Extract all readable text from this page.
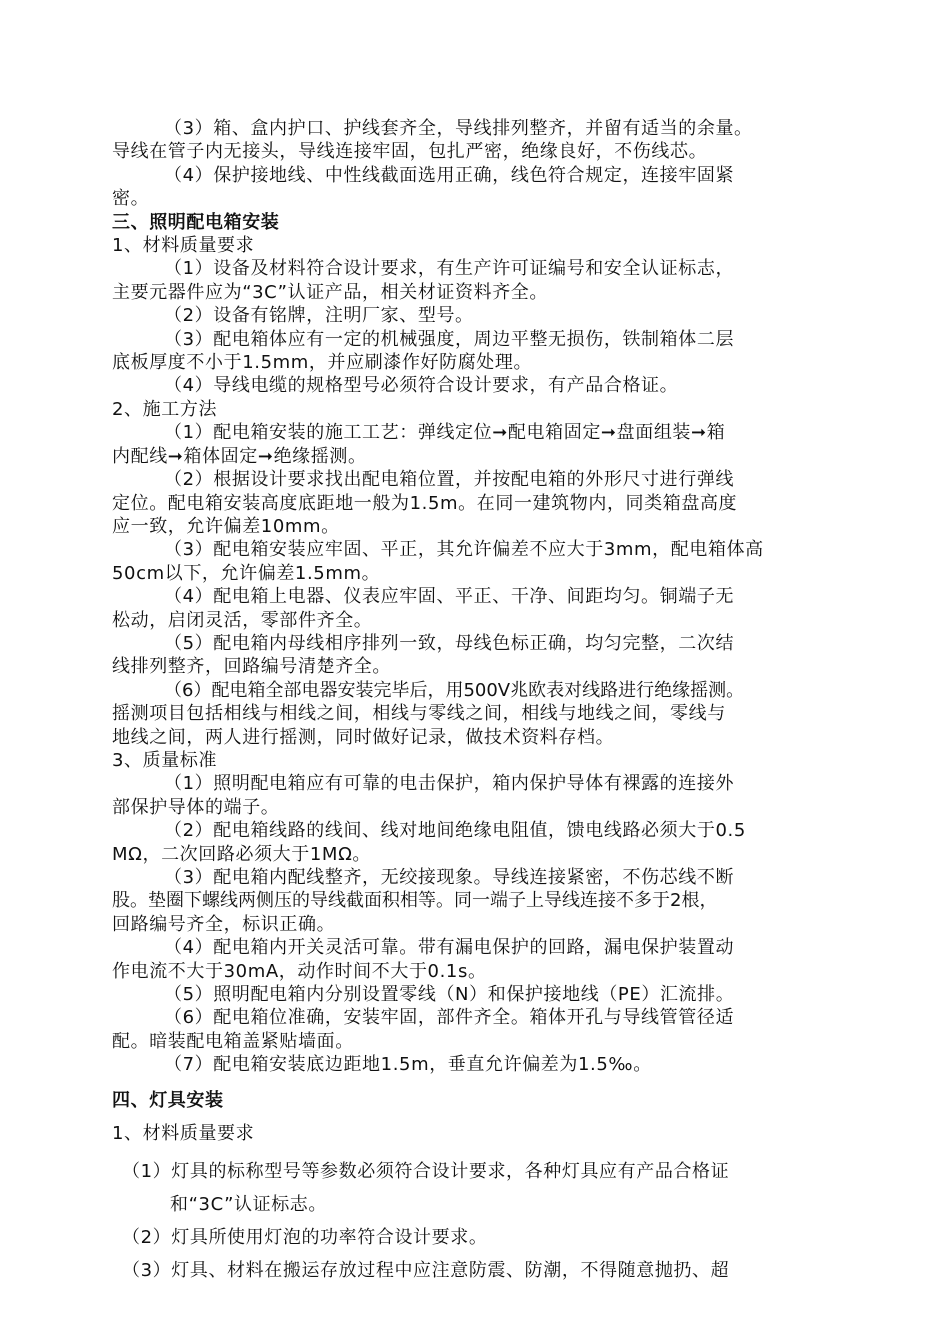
（3）箱、盒内护口、护线套齐全，导线排列整齐，并留有适当的余量。

导线在管子内无接头，导线连接牢固，包扎严密，绝缘良好，不伤线芯。

（4）保护接地线、中性线截面选用正确，线色符合规定，连接牢固紧

密。

三、照明配电箱安装

1、材料质量要求

（1）设备及材料符合设计要求，有生产许可证编号和安全认证标志，

主要元器件应为“3C”认证产品，相关材证资料齐全。

（2）设备有铭牌，注明厂家、型号。

（3）配电箱体应有一定的机械强度，周边平整无损伤，铁制箱体二层

底板厚度不小于1.5mm，并应刷漆作好防腐处理。

（4）导线电缆的规格型号必须符合设计要求，有产品合格证。

2、施工方法

（1）配电箱安装的施工工艺：弹线定位➞配电箱固定➞盘面组装➞箱

内配线➞箱体固定➞绝缘摇测。

（2）根据设计要求找出配电箱位置，并按配电箱的外形尺寸进行弹线

定位。配电箱安装高度底距地一般为1.5m。在同一建筑物内，同类箱盘高度

应一致，允许偏差10mm。

（3）配电箱安装应牢固、平正，其允许偏差不应大于3mm，配电箱体高

50cm以下，允许偏差1.5mm。

（4）配电箱上电器、仪表应牢固、平正、干净、间距均匀。铜端子无

松动，启闭灵活，零部件齐全。

（5）配电箱内母线相序排列一致，母线色标正确，均匀完整，二次结

线排列整齐，回路编号清楚齐全。

（6）配电箱全部电器安装完毕后，用500V兆欧表对线路进行绝缘摇测。

摇测项目包括相线与相线之间，相线与零线之间，相线与地线之间，零线与

地线之间，两人进行摇测，同时做好记录，做技术资料存档。

3、质量标准

（1）照明配电箱应有可靠的电击保护，箱内保护导体有裸露的连接外

部保护导体的端子。

（2）配电箱线路的线间、线对地间绝缘电阻值，馈电线路必须大于0.5

MΩ，二次回路必须大于1MΩ。

（3）配电箱内配线整齐，无绞接现象。导线连接紧密，不伤芯线不断

股。垫圈下螺线两侧压的导线截面积相等。同一端子上导线连接不多于2根，

回路编号齐全，标识正确。

（4）配电箱内开关灵活可靠。带有漏电保护的回路，漏电保护装置动

作电流不大于30mA，动作时间不大于0.1s。

（5）照明配电箱内分别设置零线（N）和保护接地线（PE）汇流排。

（6）配电箱位准确，安装牢固，部件齐全。箱体开孔与导线管管径适

配。暗装配电箱盖紧贴墙面。

（7）配电箱安装底边距地1.5m，垂直允许偏差为1.5‰。

四、灯具安装

1、材料质量要求

（1）灯具的标称型号等参数必须符合设计要求，各种灯具应有产品合格证

和“3C”认证标志。

（2）灯具所使用灯泡的功率符合设计要求。

（3）灯具、材料在搬运存放过程中应注意防震、防潮，不得随意抛扔、超
